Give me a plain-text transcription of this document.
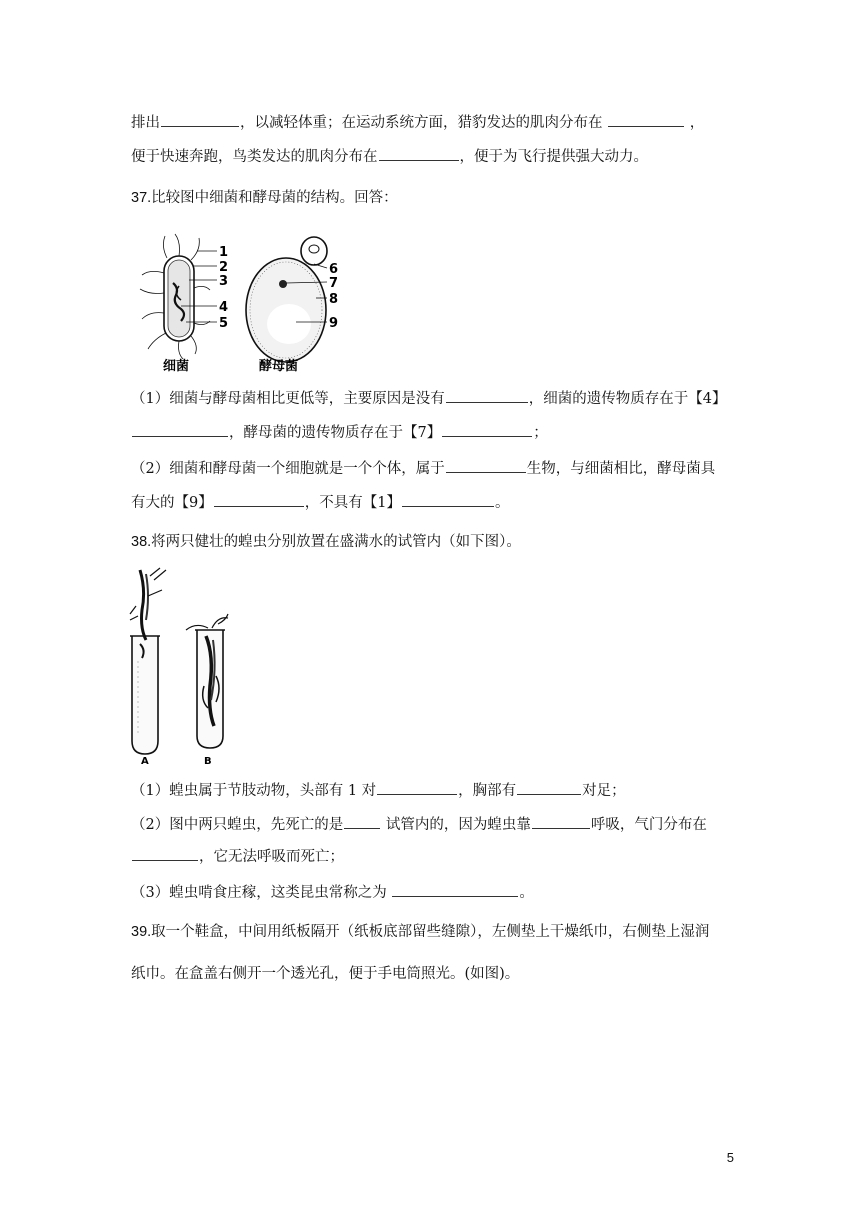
排出	，以减轻体重；在运动系统方面，猎豹发达的肌肉分布在	，
便于快速奔跑，鸟类发达的肌肉分布在	，便于为飞行提供强大动力。
37.比较图中细菌和酵母菌的结构。回答：
1
2
3
4
5
细菌
6
7
8
9
酵母菌
（1）细菌与酵母菌相比更低等，主要原因是没有	，细菌的遗传物质存在于【4】
，酵母菌的遗传物质存在于【7】	；
（2）细菌和酵母菌一个细胞就是一个个体，属于	生物，与细菌相比，酵母菌具
有大的【9】	，不具有【1】	。
38.将两只健壮的蝗虫分别放置在盛满水的试管内（如下图）。
A	B
（1）蝗虫属于节肢动物，头部有 1 对	，胸部有	对足；
（2）图中两只蝗虫，先死亡的是	试管内的，因为蝗虫靠	呼吸，气门分布在
，它无法呼吸而死亡；
（3）蝗虫啃食庄稼，这类昆虫常称之为	。
39.取一个鞋盒，中间用纸板隔开（纸板底部留些缝隙），左侧垫上干燥纸巾，右侧垫上湿润
纸巾。在盒盖右侧开一个透光孔，便于手电筒照光。(如图)。
5
